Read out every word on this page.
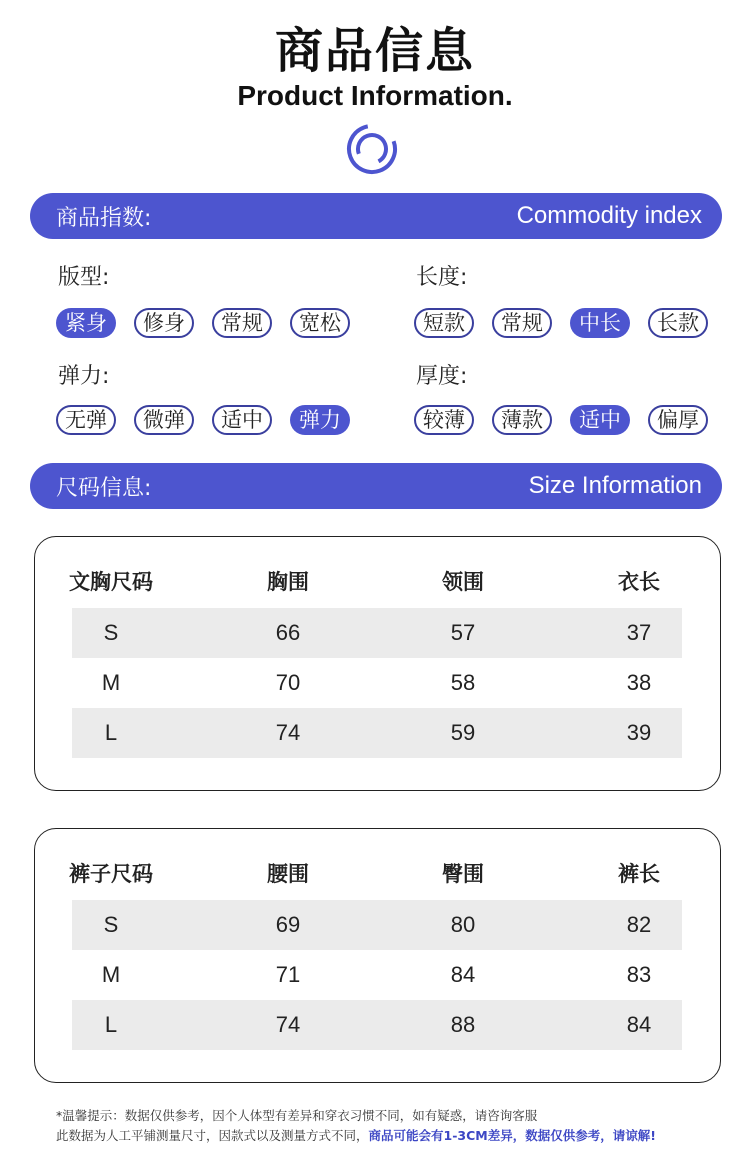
商品信息
Product Information.
商品指数:	Commodity index
版型:
紧身	修身	常规	宽松
长度:
短款	常规	中长	长款
弹力:
无弹	微弹	适中	弹力
厚度:
较薄	薄款	适中	偏厚
尺码信息:	Size Information
文胸尺码	胸围	领围	衣长
S	66	57	37
M	70	58	38
L	74	59	39
裤子尺码	腰围	臀围	裤长
S	69	80	82
M	71	84	83
L	74	88	84
*温馨提示：数据仅供参考，因个人体型有差异和穿衣习惯不同，如有疑惑，请咨询客服
此数据为人工平铺测量尺寸，因款式以及测量方式不同，商品可能会有1-3CM差异，数据仅供参考，请谅解!
